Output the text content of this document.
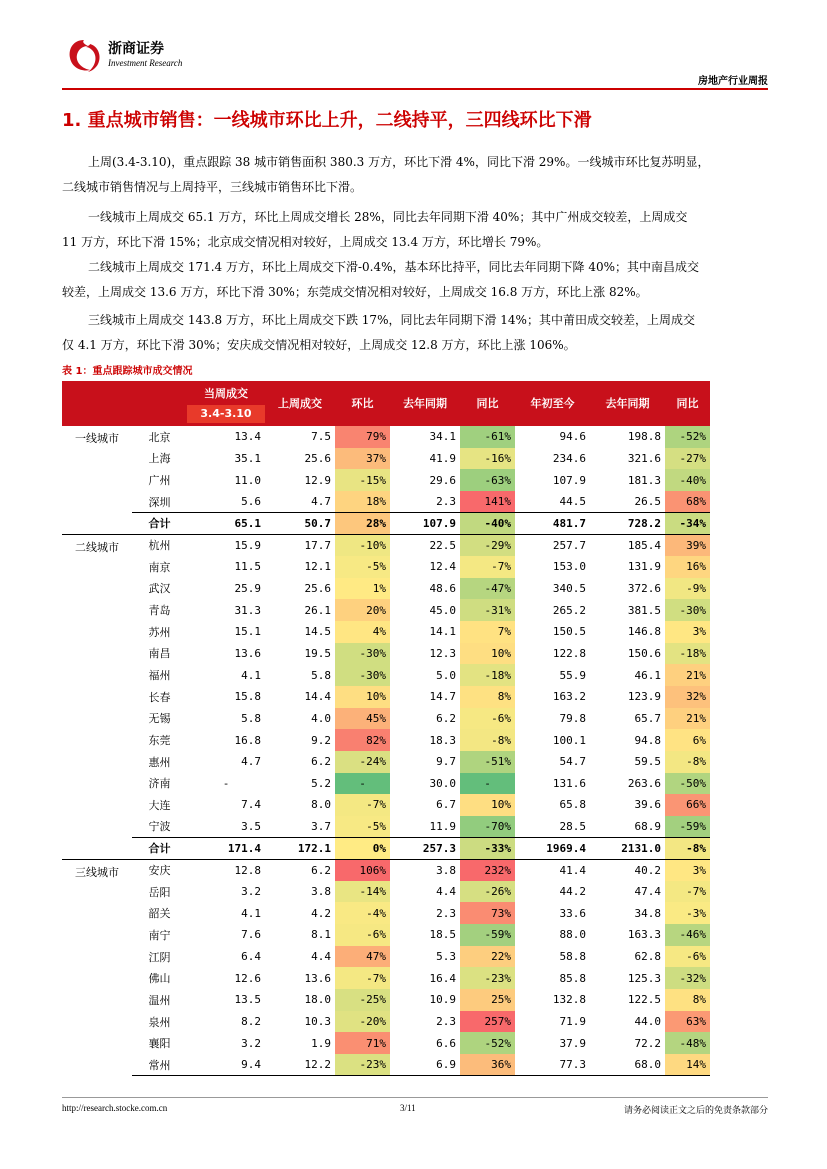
浙商证券
Investment Research
房地产行业周报
1. 重点城市销售：一线城市环比上升，二线持平，三四线环比下滑
上周(3.4-3.10)，重点跟踪 38 城市销售面积 380.3 万方，环比下滑 4%，同比下滑 29%。一线城市环比复苏明显，
二线城市销售情况与上周持平，三线城市销售环比下滑。
一线城市上周成交 65.1 万方，环比上周成交增长 28%，同比去年同期下滑 40%；其中广州成交较差，上周成交
11 万方，环比下滑 15%；北京成交情况相对较好，上周成交 13.4 万方，环比增长 79%。
二线城市上周成交 171.4 万方，环比上周成交下滑-0.4%，基本环比持平，同比去年同期下降 40%；其中南昌成交
较差，上周成交 13.6 万方，环比下滑 30%；东莞成交情况相对较好，上周成交 16.8 万方，环比上涨 82%。
三线城市上周成交 143.8 万方，环比上周成交下跌 17%，同比去年同期下滑 14%；其中莆田成交较差，上周成交
仅 4.1 万方，环比下滑 30%；安庆成交情况相对较好，上周成交 12.8 万方，环比上涨 106%。
表 1：重点跟踪城市成交情况

		当周成交
3.4-3.10	上周成交	环比	去年同期	同比	年初至今	去年同期	同比
一线城市	北京	13.4	7.5	79%	34.1	-61%	94.6	198.8	-52%
	上海	35.1	25.6	37%	41.9	-16%	234.6	321.6	-27%
	广州	11.0	12.9	-15%	29.6	-63%	107.9	181.3	-40%
	深圳	5.6	4.7	18%	2.3	141%	44.5	26.5	68%
	合计	65.1	50.7	28%	107.9	-40%	481.7	728.2	-34%
二线城市	杭州	15.9	17.7	-10%	22.5	-29%	257.7	185.4	39%
	南京	11.5	12.1	-5%	12.4	-7%	153.0	131.9	16%
	武汉	25.9	25.6	1%	48.6	-47%	340.5	372.6	-9%
	青岛	31.3	26.1	20%	45.0	-31%	265.2	381.5	-30%
	苏州	15.1	14.5	4%	14.1	7%	150.5	146.8	3%
	南昌	13.6	19.5	-30%	12.3	10%	122.8	150.6	-18%
	福州	4.1	5.8	-30%	5.0	-18%	55.9	46.1	21%
	长春	15.8	14.4	10%	14.7	8%	163.2	123.9	32%
	无锡	5.8	4.0	45%	6.2	-6%	79.8	65.7	21%
	东莞	16.8	9.2	82%	18.3	-8%	100.1	94.8	6%
	惠州	4.7	6.2	-24%	9.7	-51%	54.7	59.5	-8%
	济南	-	5.2	-	30.0	-	131.6	263.6	-50%
	大连	7.4	8.0	-7%	6.7	10%	65.8	39.6	66%
	宁波	3.5	3.7	-5%	11.9	-70%	28.5	68.9	-59%
	合计	171.4	172.1	0%	257.3	-33%	1969.4	2131.0	-8%
三线城市	安庆	12.8	6.2	106%	3.8	232%	41.4	40.2	3%
	岳阳	3.2	3.8	-14%	4.4	-26%	44.2	47.4	-7%
	韶关	4.1	4.2	-4%	2.3	73%	33.6	34.8	-3%
	南宁	7.6	8.1	-6%	18.5	-59%	88.0	163.3	-46%
	江阴	6.4	4.4	47%	5.3	22%	58.8	62.8	-6%
	佛山	12.6	13.6	-7%	16.4	-23%	85.8	125.3	-32%
	温州	13.5	18.0	-25%	10.9	25%	132.8	122.5	8%
	泉州	8.2	10.3	-20%	2.3	257%	71.9	44.0	63%
	襄阳	3.2	1.9	71%	6.6	-52%	37.9	72.2	-48%
	常州	9.4	12.2	-23%	6.9	36%	77.3	68.0	14%
http://research.stocke.com.cn	3/11	请务必阅读正文之后的免责条款部分
